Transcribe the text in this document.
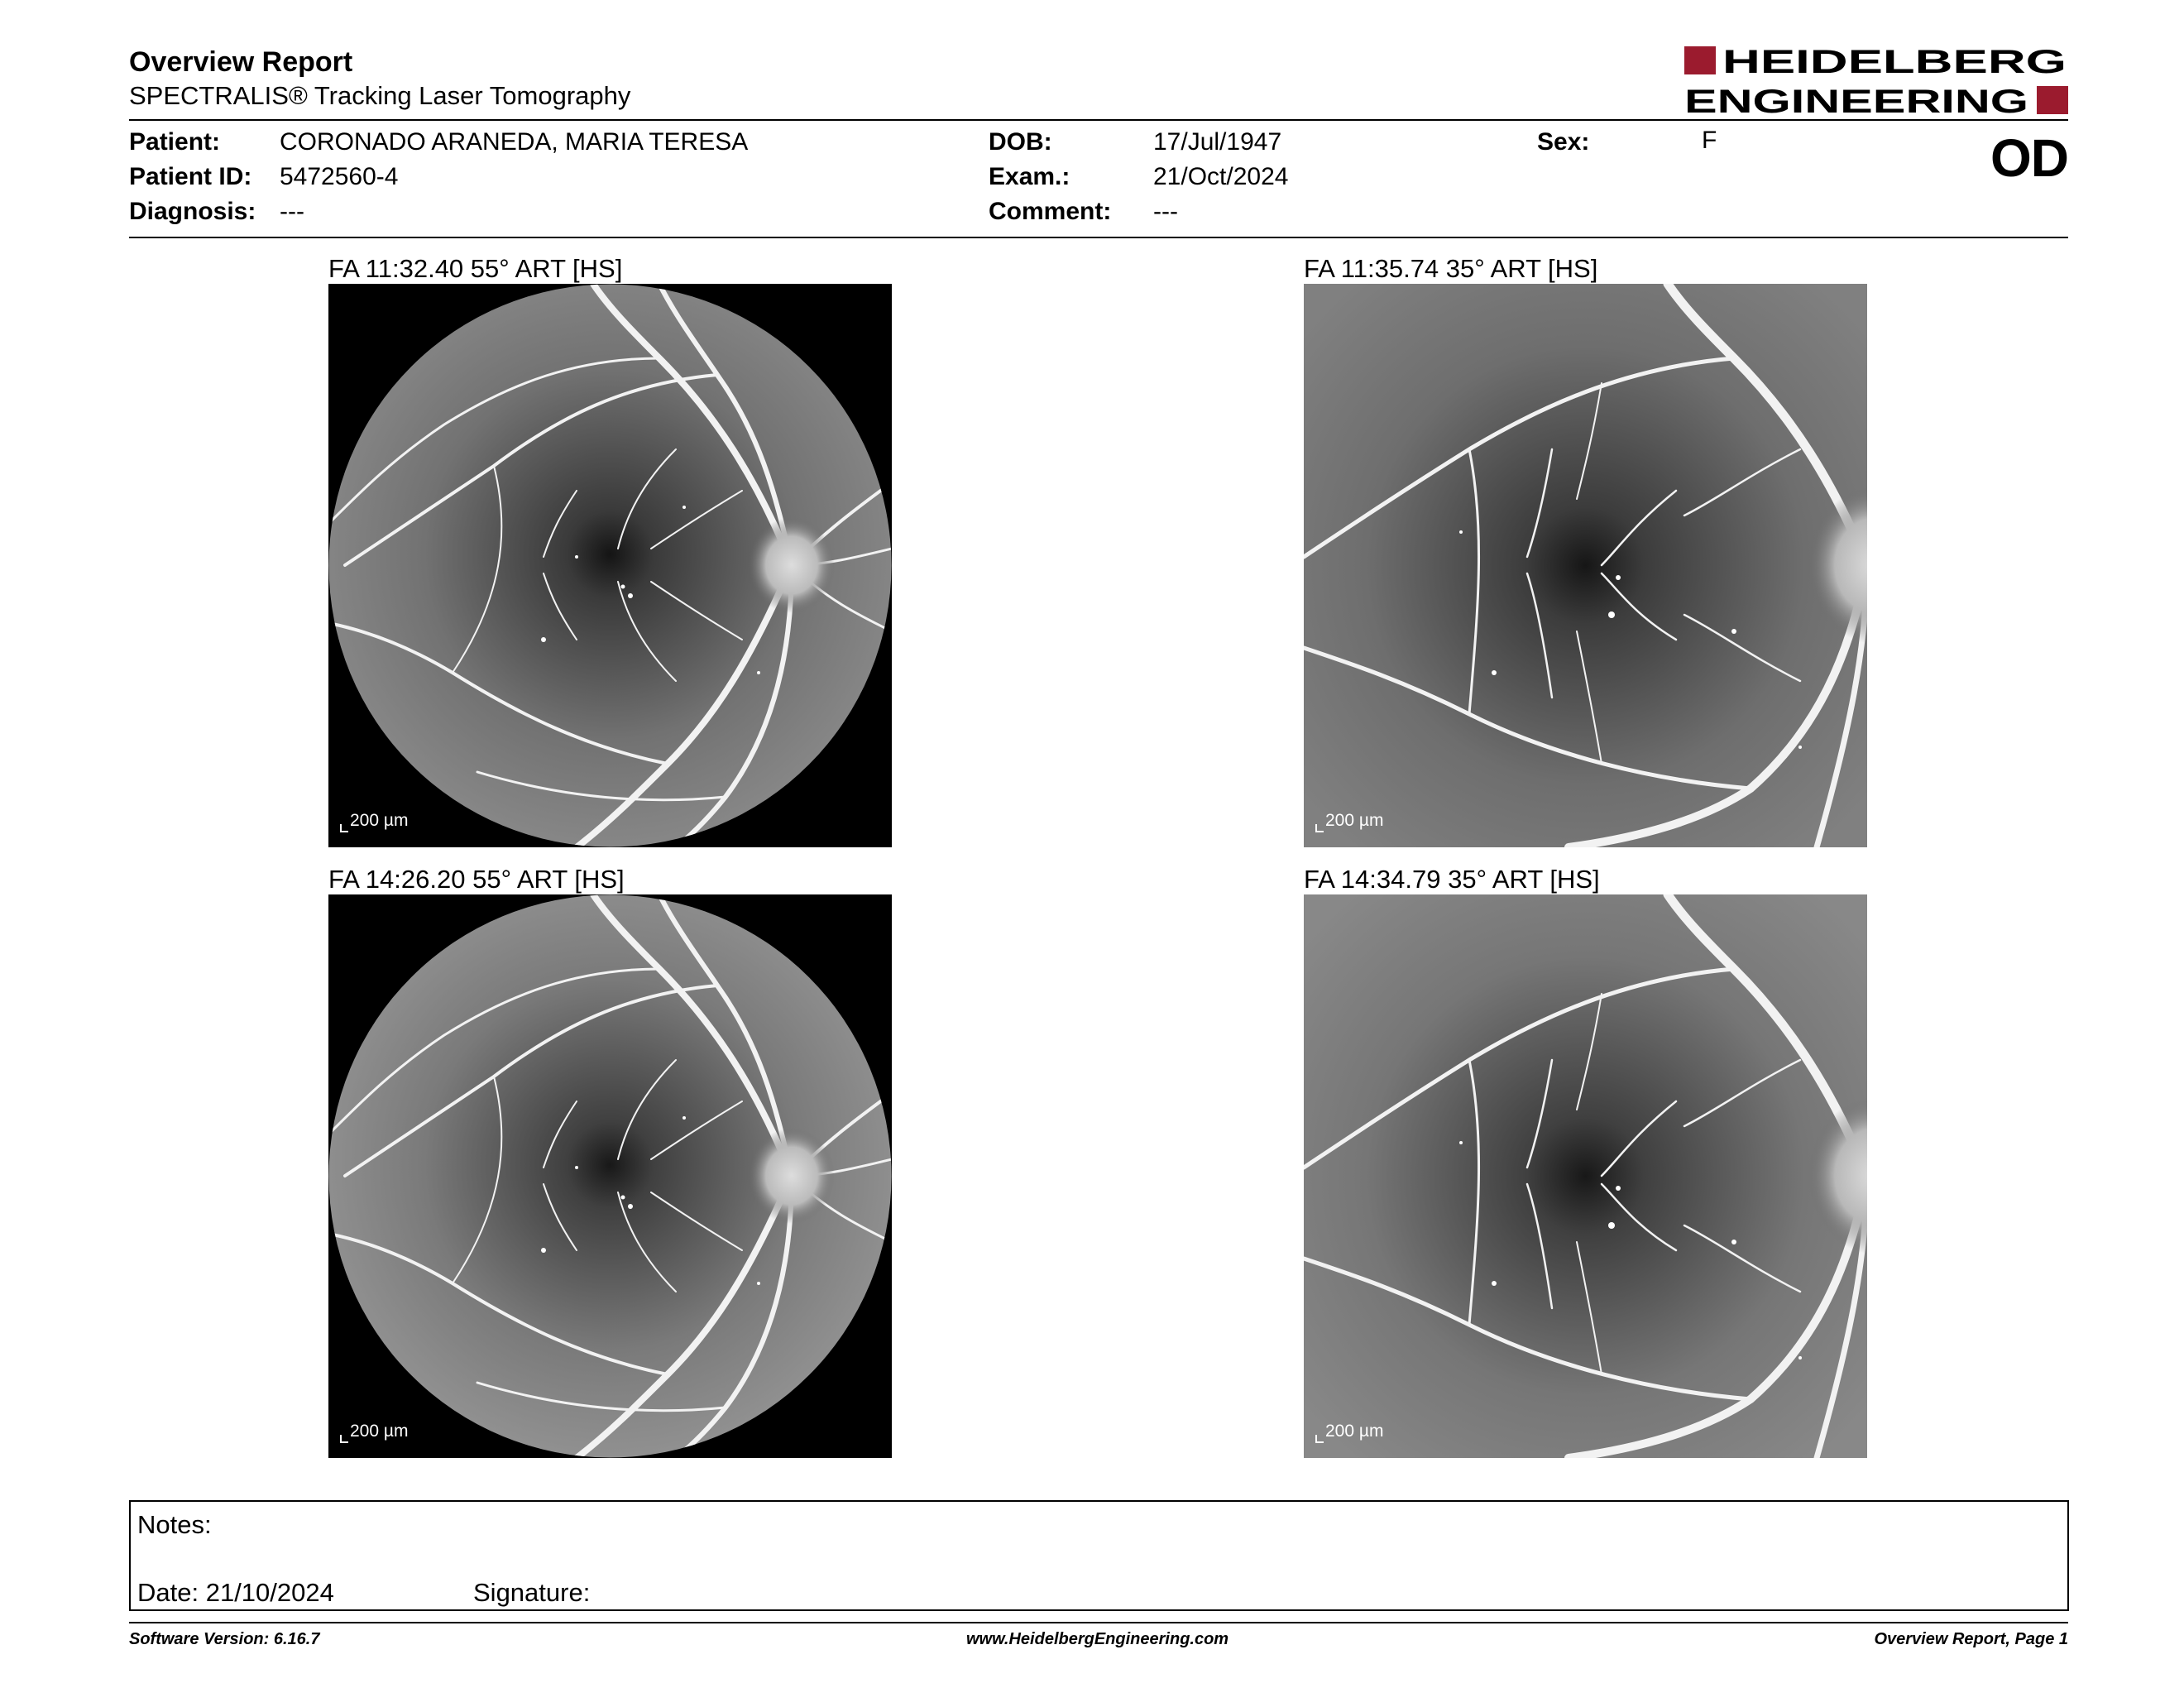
Overview Report
SPECTRALIS® Tracking Laser Tomography
HEIDELBERG
ENGINEERING
Patient: CORONADO ARANEDA, MARIA TERESA
Patient ID: 5472560-4
Diagnosis: ---
DOB:	17/Jul/1947
Exam.:	21/Oct/2024
Comment: ---
Sex:	F	OD
FA 11:32.40 55° ART [HS]	FA 11:35.74 35° ART [HS]
FA 14:26.20 55° ART [HS]	FA 14:34.79 35° ART [HS]
200 µm	200 µm
200 µm	200 µm
Notes:
Date: 21/10/2024	Signature:
Software Version: 6.16.7	www.HeidelbergEngineering.com	Overview Report, Page 1
